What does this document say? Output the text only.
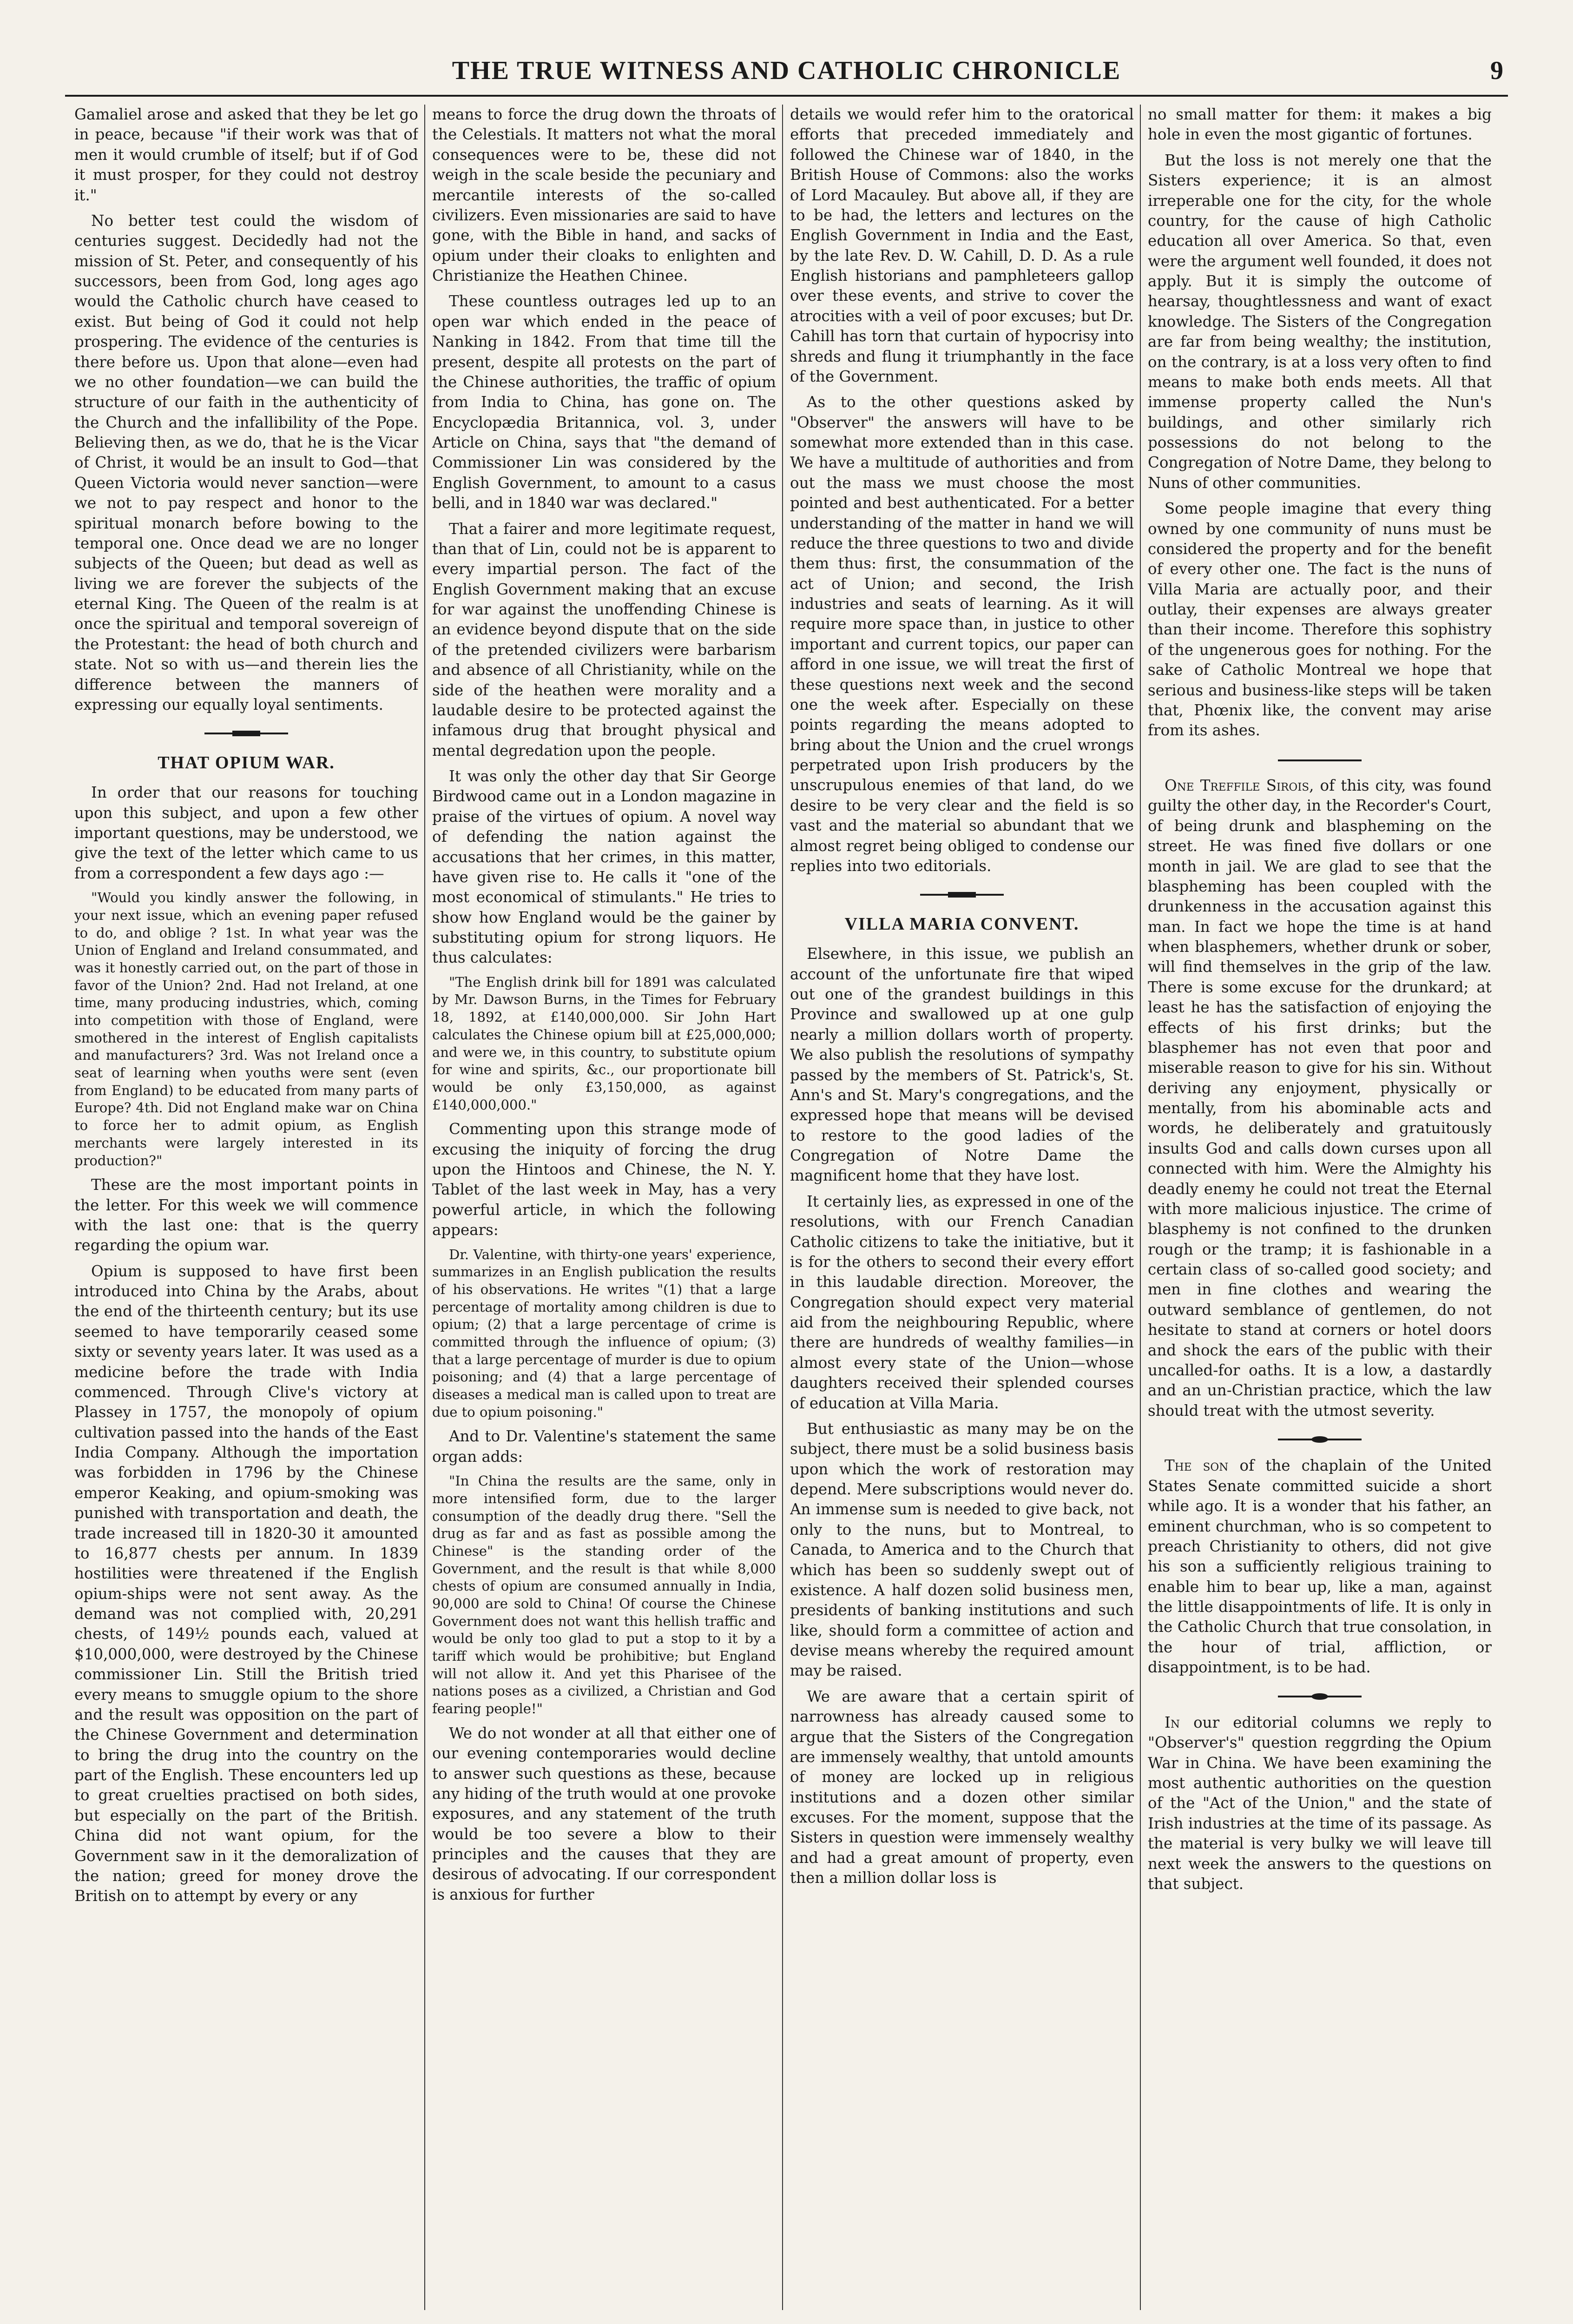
THE TRUE WITNESS AND CATHOLIC CHRONICLE	9

Gamaliel arose and asked that they be let go in peace, because "if their work was that of men it would crumble of itself; but if of God it must prosper, for they could not destroy it."

No better test could the wisdom of centuries suggest. Decidedly had not the mission of St. Peter, and consequently of his successors, been from God, long ages ago would the Catholic church have ceased to exist. But being of God it could not help prospering. The evidence of the centuries is there before us. Upon that alone—even had we no other foundation—we can build the structure of our faith in the authenticity of the Church and the infallibility of the Pope. Believing then, as we do, that he is the Vicar of Christ, it would be an insult to God—that Queen Victoria would never sanction—were we not to pay respect and honor to the spiritual monarch before bowing to the temporal one. Once dead we are no longer subjects of the Queen; but dead as well as living we are forever the subjects of the eternal King. The Queen of the realm is at once the spiritual and temporal sovereign of the Protestant: the head of both church and state. Not so with us—and therein lies the difference between the manners of expressing our equally loyal sentiments.

THAT OPIUM WAR.

In order that our reasons for touching upon this subject, and upon a few other important questions, may be understood, we give the text of the letter which came to us from a correspondent a few days ago :—

"Would you kindly answer the following, in your next issue, which an evening paper refused to do, and oblige ? 1st. In what year was the Union of England and Ireland consummated, and was it honestly carried out, on the part of those in favor of the Union? 2nd. Had not Ireland, at one time, many producing industries, which, coming into competition with those of England, were smothered in the interest of English capitalists and manufacturers? 3rd. Was not Ireland once a seat of learning when youths were sent (even from England) to be educated from many parts of Europe? 4th. Did not England make war on China to force her to admit opium, as English merchants were largely interested in its production?"

These are the most important points in the letter. For this week we will commence with the last one: that is the querry regarding the opium war.

Opium is supposed to have first been introduced into China by the Arabs, about the end of the thirteenth century; but its use seemed to have temporarily ceased some sixty or seventy years later. It was used as a medicine before the trade with India commenced. Through Clive's victory at Plassey in 1757, the monopoly of opium cultivation passed into the hands of the East India Company. Although the importation was forbidden in 1796 by the Chinese emperor Keaking, and opium-smoking was punished with transportation and death, the trade increased till in 1820-30 it amounted to 16,877 chests per annum. In 1839 hostilities were threatened if the English opium-ships were not sent away. As the demand was not complied with, 20,291 chests, of 149½ pounds each, valued at $10,000,000, were destroyed by the Chinese commissioner Lin. Still the British tried every means to smuggle opium to the shore and the result was opposition on the part of the Chinese Government and determination to bring the drug into the country on the part of the English. These encounters led up to great cruelties practised on both sides, but especially on the part of the British. China did not want opium, for the Government saw in it the demoralization of the nation; greed for money drove the British on to attempt by every or any

means to force the drug down the throats of the Celestials. It matters not what the moral consequences were to be, these did not weigh in the scale beside the pecuniary and mercantile interests of the so-called civilizers. Even missionaries are said to have gone, with the Bible in hand, and sacks of opium under their cloaks to enlighten and Christianize the Heathen Chinee.

These countless outrages led up to an open war which ended in the peace of Nanking in 1842. From that time till the present, despite all protests on the part of the Chinese authorities, the traffic of opium from India to China, has gone on. The Encyclopædia Britannica, vol. 3, under Article on China, says that "the demand of Commissioner Lin was considered by the English Government, to amount to a casus belli, and in 1840 war was declared."

That a fairer and more legitimate request, than that of Lin, could not be is apparent to every impartial person. The fact of the English Government making that an excuse for war against the unoffending Chinese is an evidence beyond dispute that on the side of the pretended civilizers were barbarism and absence of all Christianity, while on the side of the heathen were morality and a laudable desire to be protected against the infamous drug that brought physical and mental degredation upon the people.

It was only the other day that Sir George Birdwood came out in a London magazine in praise of the virtues of opium. A novel way of defending the nation against the accusations that her crimes, in this matter, have given rise to. He calls it "one of the most economical of stimulants." He tries to show how England would be the gainer by substituting opium for strong liquors. He thus calculates:

"The English drink bill for 1891 was calculated by Mr. Dawson Burns, in the Times for February 18, 1892, at £140,000,000. Sir John Hart calculates the Chinese opium bill at £25,000,000; and were we, in this country, to substitute opium for wine and spirits, &c., our proportionate bill would be only £3,150,000, as against £140,000,000."

Commenting upon this strange mode of excusing the iniquity of forcing the drug upon the Hintoos and Chinese, the N. Y. Tablet of the last week in May, has a very powerful article, in which the following appears:

Dr. Valentine, with thirty-one years' experience, summarizes in an English publication the results of his observations. He writes "(1) that a large percentage of mortality among children is due to opium; (2) that a large percentage of crime is committed through the influence of opium; (3) that a large percentage of murder is due to opium poisoning; and (4) that a large percentage of diseases a medical man is called upon to treat are due to opium poisoning."

And to Dr. Valentine's statement the same organ adds:

"In China the results are the same, only in more intensified form, due to the larger consumption of the deadly drug there. "Sell the drug as far and as fast as possible among the Chinese" is the standing order of the Government, and the result is that while 8,000 chests of opium are consumed annually in India, 90,000 are sold to China! Of course the Chinese Government does not want this hellish traffic and would be only too glad to put a stop to it by a tariff which would be prohibitive; but England will not allow it. And yet this Pharisee of the nations poses as a civilized, a Christian and God fearing people!"

We do not wonder at all that either one of our evening contemporaries would decline to answer such questions as these, because any hiding of the truth would at one provoke exposures, and any statement of the truth would be too severe a blow to their principles and the causes that they are desirous of advocating. If our correspondent is anxious for further

details we would refer him to the oratorical efforts that preceded immediately and followed the Chinese war of 1840, in the British House of Commons: also the works of Lord Macauley. But above all, if they are to be had, the letters and lectures on the English Government in India and the East, by the late Rev. D. W. Cahill, D. D. As a rule English historians and pamphleteers gallop over these events, and strive to cover the atrocities with a veil of poor excuses; but Dr. Cahill has torn that curtain of hypocrisy into shreds and flung it triumphantly in the face of the Government.

As to the other questions asked by "Observer" the answers will have to be somewhat more extended than in this case. We have a multitude of authorities and from out the mass we must choose the most pointed and best authenticated. For a better understanding of the matter in hand we will reduce the three questions to two and divide them thus: first, the consummation of the act of Union; and second, the Irish industries and seats of learning. As it will require more space than, in justice to other important and current topics, our paper can afford in one issue, we will treat the first of these questions next week and the second one the week after. Especially on these points regarding the means adopted to bring about the Union and the cruel wrongs perpetrated upon Irish producers by the unscrupulous enemies of that land, do we desire to be very clear and the field is so vast and the material so abundant that we almost regret being obliged to condense our replies into two editorials.

VILLA MARIA CONVENT.

Elsewhere, in this issue, we publish an account of the unfortunate fire that wiped out one of the grandest buildings in this Province and swallowed up at one gulp nearly a million dollars worth of property. We also publish the resolutions of sympathy passed by the members of St. Patrick's, St. Ann's and St. Mary's congregations, and the expressed hope that means will be devised to restore to the good ladies of the Congregation of Notre Dame the magnificent home that they have lost.

It certainly lies, as expressed in one of the resolutions, with our French Canadian Catholic citizens to take the initiative, but it is for the others to second their every effort in this laudable direction. Moreover, the Congregation should expect very material aid from the neighbouring Republic, where there are hundreds of wealthy families—in almost every state of the Union—whose daughters received their splended courses of education at Villa Maria.

But enthusiastic as many may be on the subject, there must be a solid business basis upon which the work of restoration may depend. Mere subscriptions would never do. An immense sum is needed to give back, not only to the nuns, but to Montreal, to Canada, to America and to the Church that which has been so suddenly swept out of existence. A half dozen solid business men, presidents of banking institutions and such like, should form a committee of action and devise means whereby the required amount may be raised.

We are aware that a certain spirit of narrowness has already caused some to argue that the Sisters of the Congregation are immensely wealthy, that untold amounts of money are locked up in religious institutions and a dozen other similar excuses. For the moment, suppose that the Sisters in question were immensely wealthy and had a great amount of property, even then a million dollar loss is

no small matter for them: it makes a big hole in even the most gigantic of fortunes.

But the loss is not merely one that the Sisters experience; it is an almost irreperable one for the city, for the whole country, for the cause of high Catholic education all over America. So that, even were the argument well founded, it does not apply. But it is simply the outcome of hearsay, thoughtlessness and want of exact knowledge. The Sisters of the Congregation are far from being wealthy; the institution, on the contrary, is at a loss very often to find means to make both ends meets. All that immense property called the Nun's buildings, and other similarly rich possessions do not belong to the Congregation of Notre Dame, they belong to Nuns of other communities.

Some people imagine that every thing owned by one community of nuns must be considered the property and for the benefit of every other one. The fact is the nuns of Villa Maria are actually poor, and their outlay, their expenses are always greater than their income. Therefore this sophistry of the ungenerous goes for nothing. For the sake of Catholic Montreal we hope that serious and business-like steps will be taken that, Phœnix like, the convent may arise from its ashes.

One Treffile Sirois, of this city, was found guilty the other day, in the Recorder's Court, of being drunk and blaspheming on the street. He was fined five dollars or one month in jail. We are glad to see that the blaspheming has been coupled with the drunkenness in the accusation against this man. In fact we hope the time is at hand when blasphemers, whether drunk or sober, will find themselves in the grip of the law. There is some excuse for the drunkard; at least he has the satisfaction of enjoying the effects of his first drinks; but the blasphemer has not even that poor and miserable reason to give for his sin. Without deriving any enjoyment, physically or mentally, from his abominable acts and words, he deliberately and gratuitously insults God and calls down curses upon all connected with him. Were the Almighty his deadly enemy he could not treat the Eternal with more malicious injustice. The crime of blasphemy is not confined to the drunken rough or the tramp; it is fashionable in a certain class of so-called good society; and men in fine clothes and wearing the outward semblance of gentlemen, do not hesitate to stand at corners or hotel doors and shock the ears of the public with their uncalled-for oaths. It is a low, a dastardly and an un-Christian practice, which the law should treat with the utmost severity.

The son of the chaplain of the United States Senate committed suicide a short while ago. It is a wonder that his father, an eminent churchman, who is so competent to preach Christianity to others, did not give his son a sufficiently religious training to enable him to bear up, like a man, against the little disappointments of life. It is only in the Catholic Church that true consolation, in the hour of trial, affliction, or disappointment, is to be had.

In our editorial columns we reply to "Observer's" question reggrding the Opium War in China. We have been examining the most authentic authorities on the question of the "Act of the Union," and the state of Irish industries at the time of its passage. As the material is very bulky we will leave till next week the answers to the questions on that subject.
